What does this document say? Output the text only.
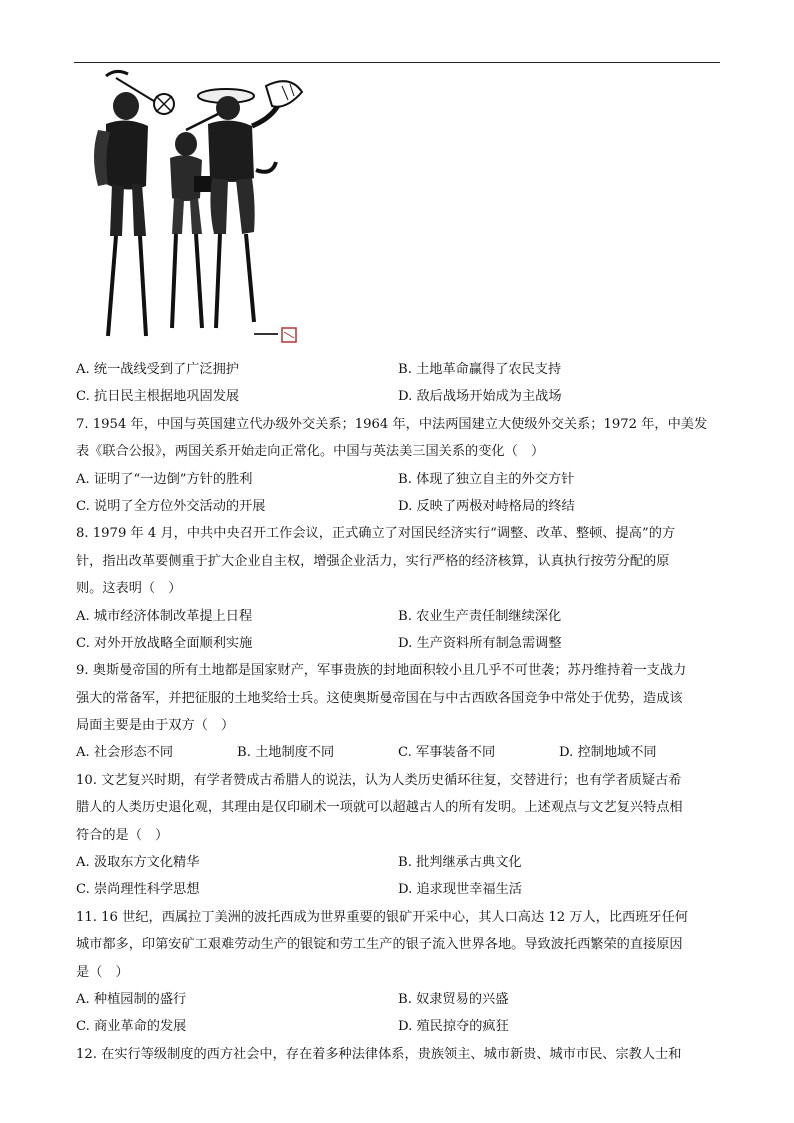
A. 统一战线受到了广泛拥护	B. 土地革命赢得了农民支持
C. 抗日民主根据地巩固发展	D. 敌后战场开始成为主战场
7. 1954 年，中国与英国建立代办级外交关系；1964 年，中法两国建立大使级外交关系；1972 年，中美发
表《联合公报》，两国关系开始走向正常化。中国与英法美三国关系的变化（　）
A. 证明了“一边倒”方针的胜利	B. 体现了独立自主的外交方针
C. 说明了全方位外交活动的开展	D. 反映了两极对峙格局的终结
8. 1979 年 4 月，中共中央召开工作会议，正式确立了对国民经济实行“调整、改革、整顿、提高”的方
针，指出改革要侧重于扩大企业自主权，增强企业活力，实行严格的经济核算，认真执行按劳分配的原
则。这表明（　）
A. 城市经济体制改革提上日程	B. 农业生产责任制继续深化
C. 对外开放战略全面顺利实施	D. 生产资料所有制急需调整
9. 奥斯曼帝国的所有土地都是国家财产，军事贵族的封地面积较小且几乎不可世袭；苏丹维持着一支战力
强大的常备军，并把征服的土地奖给士兵。这使奥斯曼帝国在与中古西欧各国竞争中常处于优势，造成该
局面主要是由于双方（　）
A. 社会形态不同	B. 土地制度不同	C. 军事装备不同	D. 控制地域不同
10. 文艺复兴时期，有学者赞成古希腊人的说法，认为人类历史循环往复，交替进行；也有学者质疑古希
腊人的人类历史退化观，其理由是仅印刷术一项就可以超越古人的所有发明。上述观点与文艺复兴特点相
符合的是（　）
A. 汲取东方文化精华	B. 批判继承古典文化
C. 崇尚理性科学思想	D. 追求现世幸福生活
11. 16 世纪，西属拉丁美洲的波托西成为世界重要的银矿开采中心，其人口高达 12 万人，比西班牙任何
城市都多，印第安矿工艰难劳动生产的银锭和劳工生产的银子流入世界各地。导致波托西繁荣的直接原因
是（　）
A. 种植园制的盛行	B. 奴隶贸易的兴盛
C. 商业革命的发展	D. 殖民掠夺的疯狂
12. 在实行等级制度的西方社会中，存在着多种法律体系，贵族领主、城市新贵、城市市民、宗教人士和
